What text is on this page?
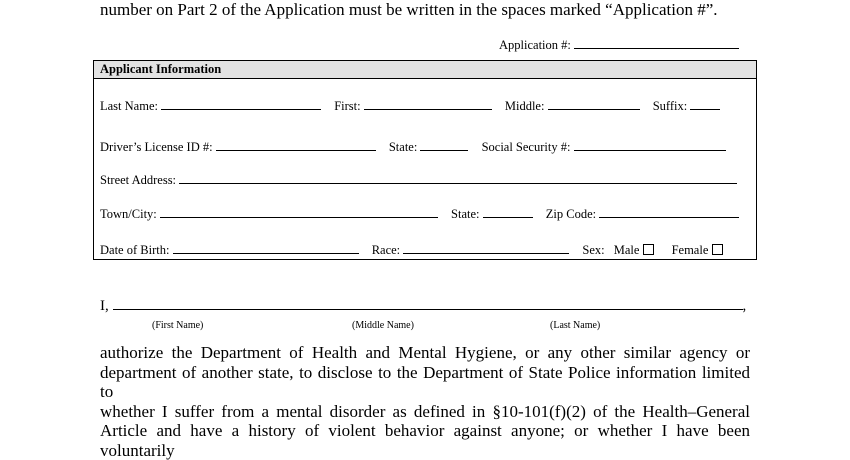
number on Part 2 of the Application must be written in the spaces marked “Application #”.
Application #:
Applicant Information
Last Name:	First:	Middle:	Suffix:
Driver’s License ID #:	State:	Social Security #:
Street Address:
Town/City:	State:	Zip Code:
Date of Birth:	Race:	Sex: Male	Female
I,	,
(First Name)	(Middle Name)	(Last Name)
authorize the Department of Health and Mental Hygiene, or any other similar agency or
department of another state, to disclose to the Department of State Police information limited to
whether I suffer from a mental disorder as defined in §10-101(f)(2) of the Health–General
Article and have a history of violent behavior against anyone; or whether I have been voluntarily
